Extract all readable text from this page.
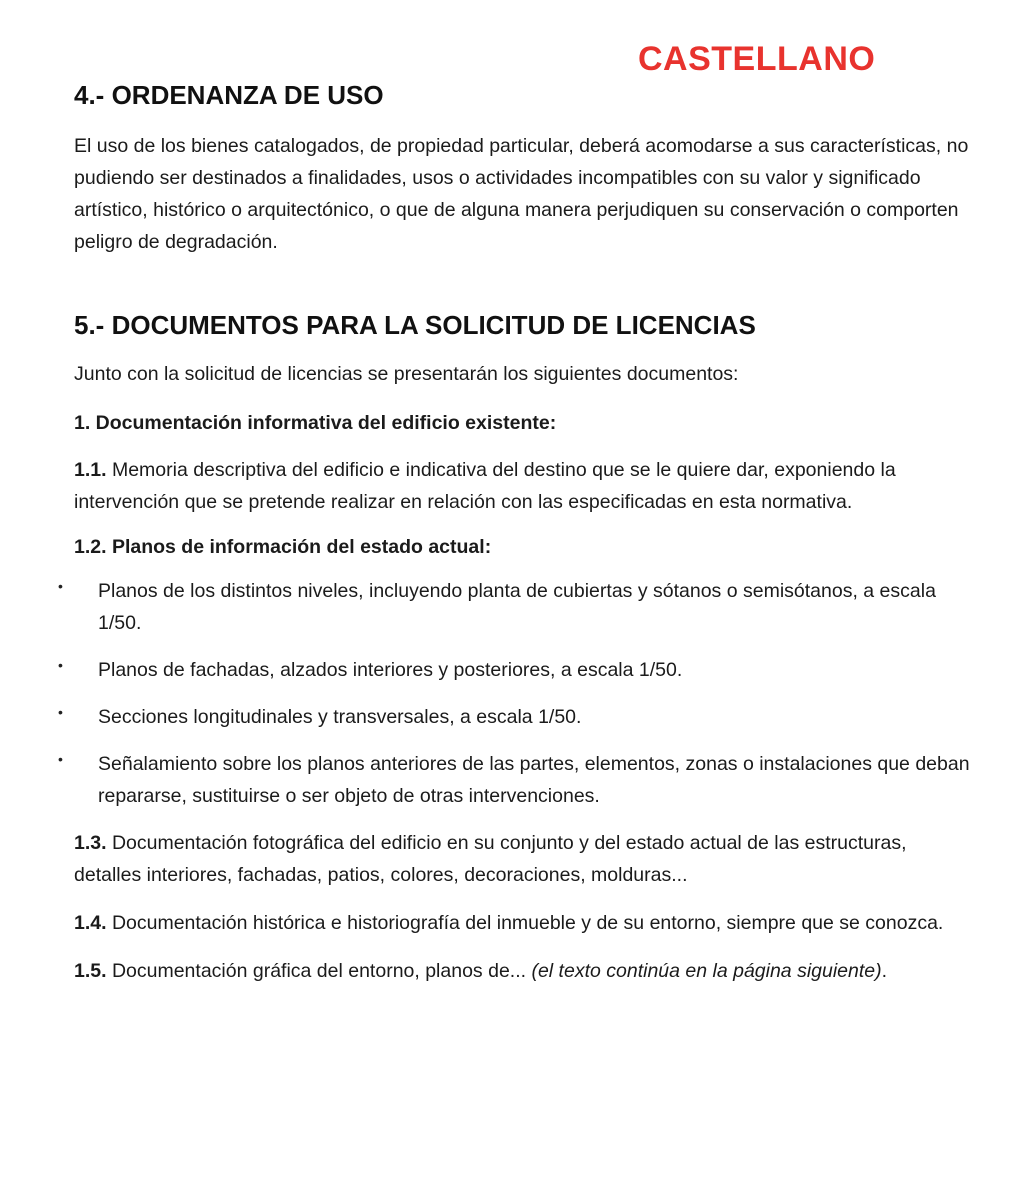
CASTELLANO

4.- ORDENANZA DE USO

El uso de los bienes catalogados, de propiedad particular, deberá acomodarse a sus características, no pudiendo ser destinados a finalidades, usos o actividades incompatibles con su valor y significado artístico, histórico o arquitectónico, o que de alguna manera perjudiquen su conservación o comporten peligro de degradación.

5.- DOCUMENTOS PARA LA SOLICITUD DE LICENCIAS

Junto con la solicitud de licencias se presentarán los siguientes documentos:

1. Documentación informativa del edificio existente:

1.1. Memoria descriptiva del edificio e indicativa del destino que se le quiere dar, exponiendo la intervención que se pretende realizar en relación con las especificadas en esta normativa.

1.2. Planos de información del estado actual:

• Planos de los distintos niveles, incluyendo planta de cubiertas y sótanos o semisótanos, a escala 1/50.
• Planos de fachadas, alzados interiores y posteriores, a escala 1/50.
• Secciones longitudinales y transversales, a escala 1/50.
• Señalamiento sobre los planos anteriores de las partes, elementos, zonas o instalaciones que deban repararse, sustituirse o ser objeto de otras intervenciones.

1.3. Documentación fotográfica del edificio en su conjunto y del estado actual de las estructuras, detalles interiores, fachadas, patios, colores, decoraciones, molduras...

1.4. Documentación histórica e historiografía del inmueble y de su entorno, siempre que se conozca.

1.5. Documentación gráfica del entorno, planos de... (el texto continúa en la página siguiente).
